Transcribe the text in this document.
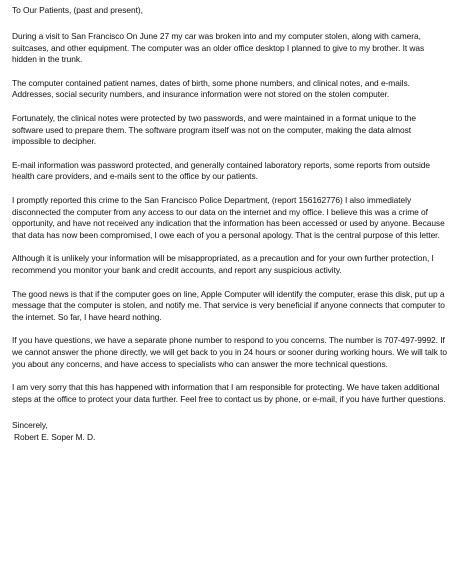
To Our Patients, (past and present),
During a visit to San Francisco On June 27 my car was broken into and my computer stolen, along with camera, suitcases, and other equipment. The computer was an older office desktop I planned to give to my brother. It was hidden in the trunk.
The computer contained patient names, dates of birth, some phone numbers, and clinical notes, and e-mails. Addresses, social security numbers, and insurance information were not stored on the stolen computer.
Fortunately, the clinical notes were protected by two passwords, and were maintained in a format unique to the software used to prepare them. The software program itself was not on the computer, making the data almost impossible to decipher.
E-mail information was password protected, and generally contained laboratory reports, some reports from outside health care providers, and e-mails sent to the office by our patients.
I promptly reported this crime to the San Francisco Police Department, (report 156162776) I also immediately disconnected the computer from any access to our data on the internet and my office. I believe this was a crime of opportunity, and have not received any indication that the information has been accessed or used by anyone. Because that data has now been compromised, I owe each of you a personal apology. That is the central purpose of this letter.
Although it is unlikely your information will be misappropriated, as a precaution and for your own further protection, I recommend you monitor your bank and credit accounts, and report any suspicious activity.
The good news is that if the computer goes on line, Apple Computer will identify the computer, erase this disk, put up a message that the computer is stolen, and notify me. That service is very beneficial if anyone connects that computer to the internet. So far, I have heard nothing.
If you have questions, we have a separate phone number to respond to you concerns. The number is 707-497-9992. If we cannot answer the phone directly, we will get back to you in 24 hours or sooner during working hours. We will talk to you about any concerns, and have access to specialists who can answer the more technical questions.
I am very sorry that this has happened with information that I am responsible for protecting. We have taken additional steps at the office to protect your data further. Feel free to contact us by phone, or e-mail, if you have further questions.
Sincerely,
Robert E. Soper M. D.
